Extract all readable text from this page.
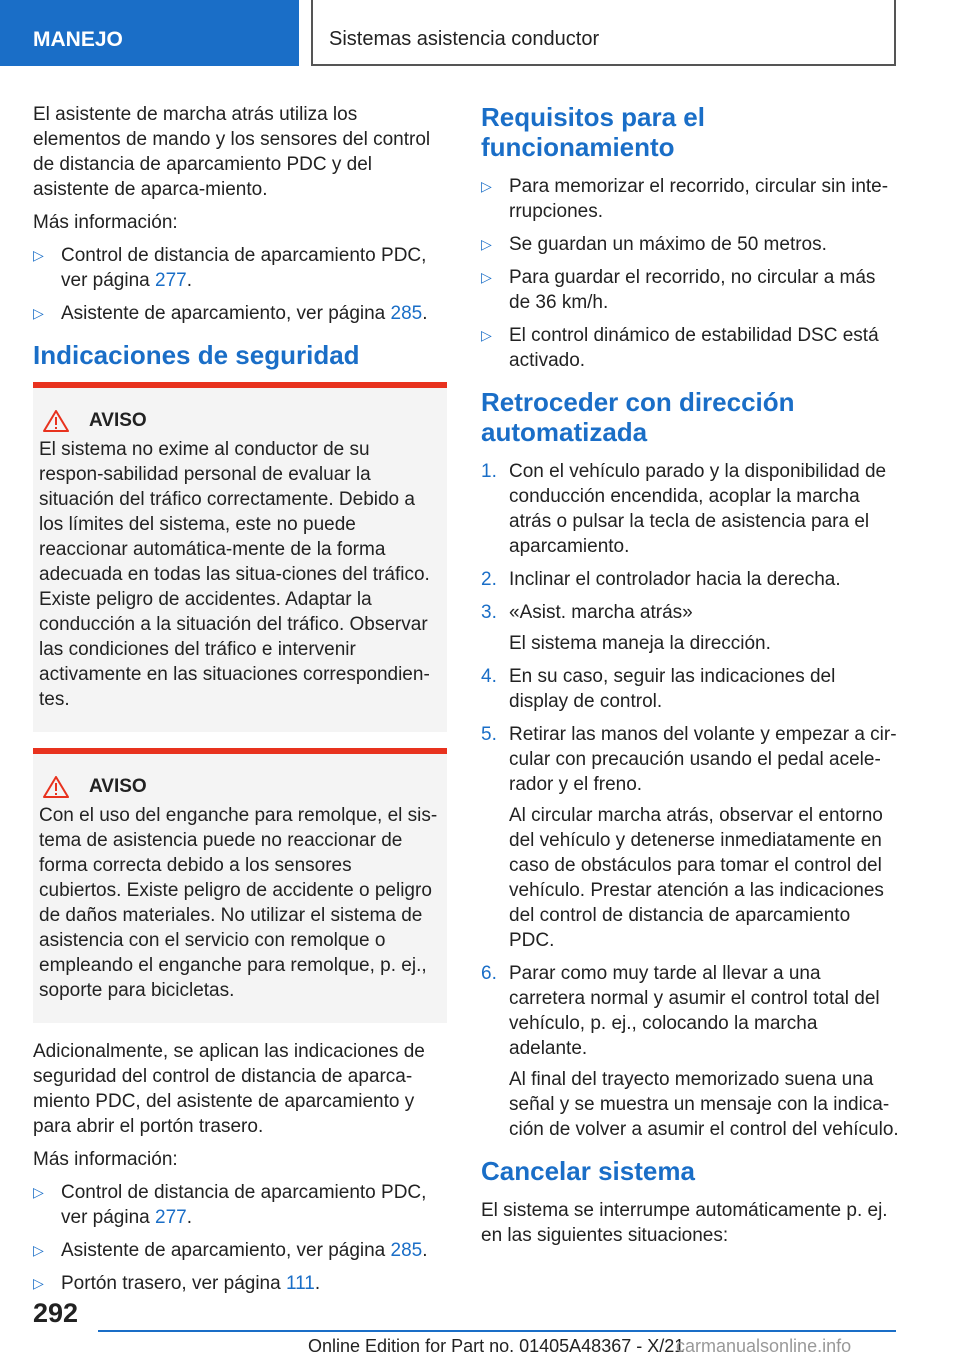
MANEJO	Sistemas asistencia conductor

El asistente de marcha atrás utiliza los elementos de mando y los sensores del control de distancia de aparcamiento PDC y del asistente de aparca-miento.

Más información:

▷ Control de distancia de aparcamiento PDC, ver página 277.
▷ Asistente de aparcamiento, ver página 285.
Indicaciones de seguridad
AVISO
El sistema no exime al conductor de su respon-sabilidad personal de evaluar la situación del tráfico correctamente. Debido a los límites del sistema, este no puede reaccionar automática-mente de la forma adecuada en todas las situa-ciones del tráfico. Existe peligro de accidentes. Adaptar la conducción a la situación del tráfico. Observar las condiciones del tráfico e intervenir activamente en las situaciones correspondien-tes.
AVISO
Con el uso del enganche para remolque, el sis-tema de asistencia puede no reaccionar de forma correcta debido a los sensores cubiertos. Existe peligro de accidente o peligro de daños materiales. No utilizar el sistema de asistencia con el servicio con remolque o empleando el enganche para remolque, p. ej., soporte para bicicletas.

Adicionalmente, se aplican las indicaciones de seguridad del control de distancia de aparca-miento PDC, del asistente de aparcamiento y para abrir el portón trasero.

Más información:

▷ Control de distancia de aparcamiento PDC, ver página 277.
▷ Asistente de aparcamiento, ver página 285.
▷ Portón trasero, ver página 111.
Requisitos para el funcionamiento
▷ Para memorizar el recorrido, circular sin inte-rrupciones.
▷ Se guardan un máximo de 50 metros.
▷ Para guardar el recorrido, no circular a más de 36 km/h.
▷ El control dinámico de estabilidad DSC está activado.
Retroceder con dirección automatizada
1. Con el vehículo parado y la disponibilidad de conducción encendida, acoplar la marcha atrás o pulsar la tecla de asistencia para el aparcamiento.
2. Inclinar el controlador hacia la derecha.
3. «Asist. marcha atrás»

El sistema maneja la dirección.

4. En su caso, seguir las indicaciones del display de control.
5. Retirar las manos del volante y empezar a cir-cular con precaución usando el pedal acele-rador y el freno.

Al circular marcha atrás, observar el entorno del vehículo y detenerse inmediatamente en caso de obstáculos para tomar el control del vehículo. Prestar atención a las indicaciones del control de distancia de aparcamiento PDC.

6. Parar como muy tarde al llevar a una carretera normal y asumir el control total del vehículo, p. ej., colocando la marcha adelante.

Al final del trayecto memorizado suena una señal y se muestra un mensaje con la indica-ción de volver a asumir el control del vehículo.

Cancelar sistema

El sistema se interrumpe automáticamente p. ej. en las siguientes situaciones:

292
Online Edition for Part no. 01405A48367 - X/21
carmanualsonline.info
